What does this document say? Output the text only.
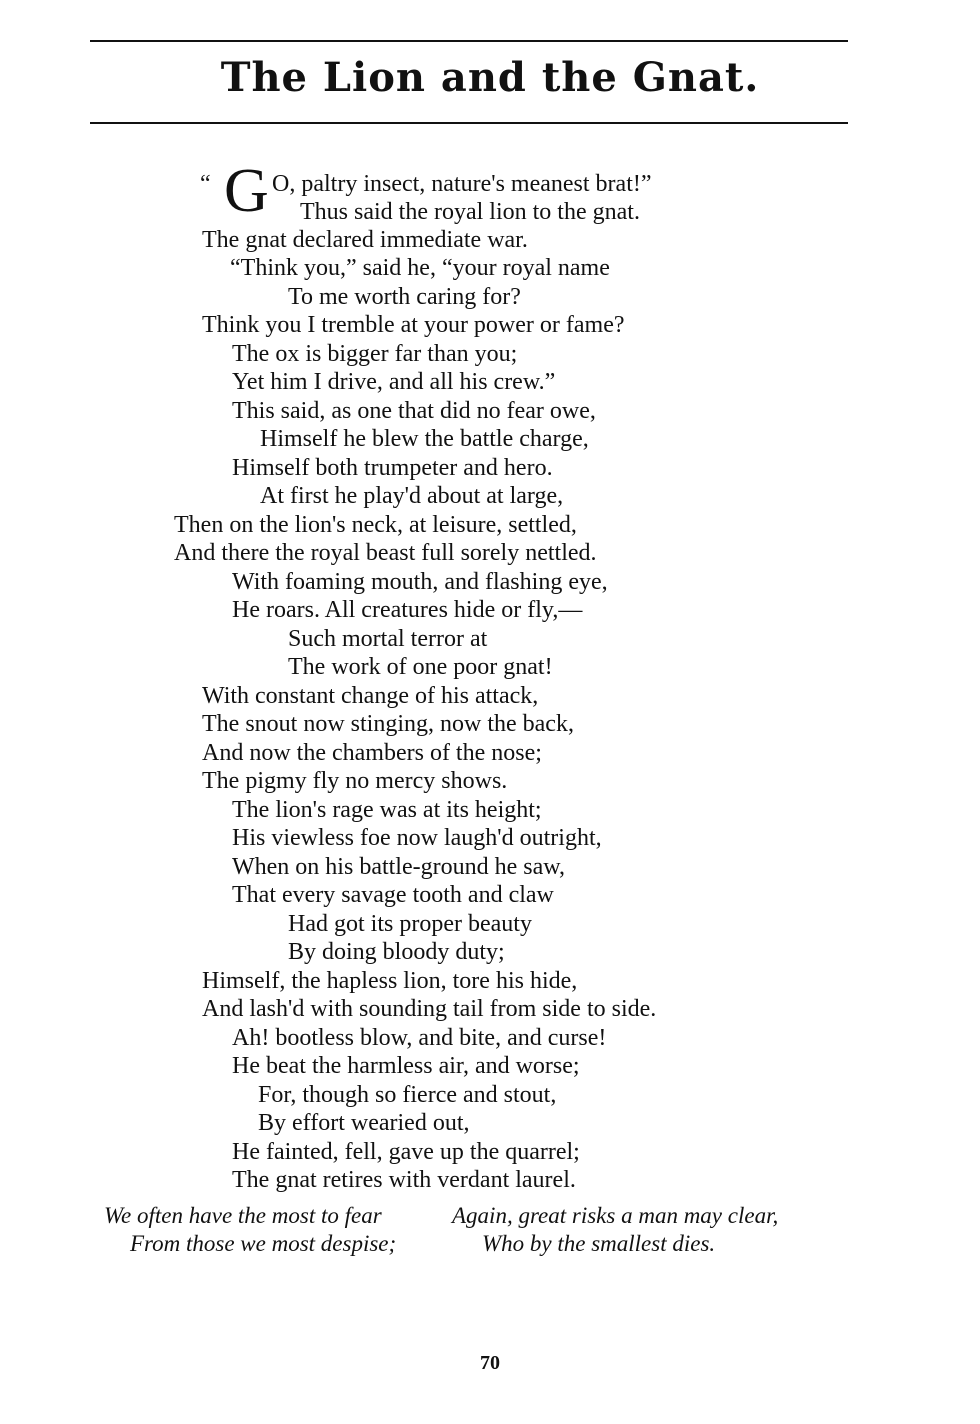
The Lion and the Gnat.
“ G O, paltry insect, nature's meanest brat!”
Thus said the royal lion to the gnat.
The gnat declared immediate war.
“Think you,” said he, “your royal name
To me worth caring for?
Think you I tremble at your power or fame?
The ox is bigger far than you;
Yet him I drive, and all his crew.”
This said, as one that did no fear owe,
Himself he blew the battle charge,
Himself both trumpeter and hero.
At first he play'd about at large,
Then on the lion's neck, at leisure, settled,
And there the royal beast full sorely nettled.
With foaming mouth, and flashing eye,
He roars. All creatures hide or fly,—
Such mortal terror at
The work of one poor gnat!
With constant change of his attack,
The snout now stinging, now the back,
And now the chambers of the nose;
The pigmy fly no mercy shows.
The lion's rage was at its height;
His viewless foe now laugh'd outright,
When on his battle-ground he saw,
That every savage tooth and claw
Had got its proper beauty
By doing bloody duty;
Himself, the hapless lion, tore his hide,
And lash'd with sounding tail from side to side.
Ah! bootless blow, and bite, and curse!
He beat the harmless air, and worse;
For, though so fierce and stout,
By effort wearied out,
He fainted, fell, gave up the quarrel;
The gnat retires with verdant laurel.
We often have the most to fear
From those we most despise;
Again, great risks a man may clear,
Who by the smallest dies.
70
